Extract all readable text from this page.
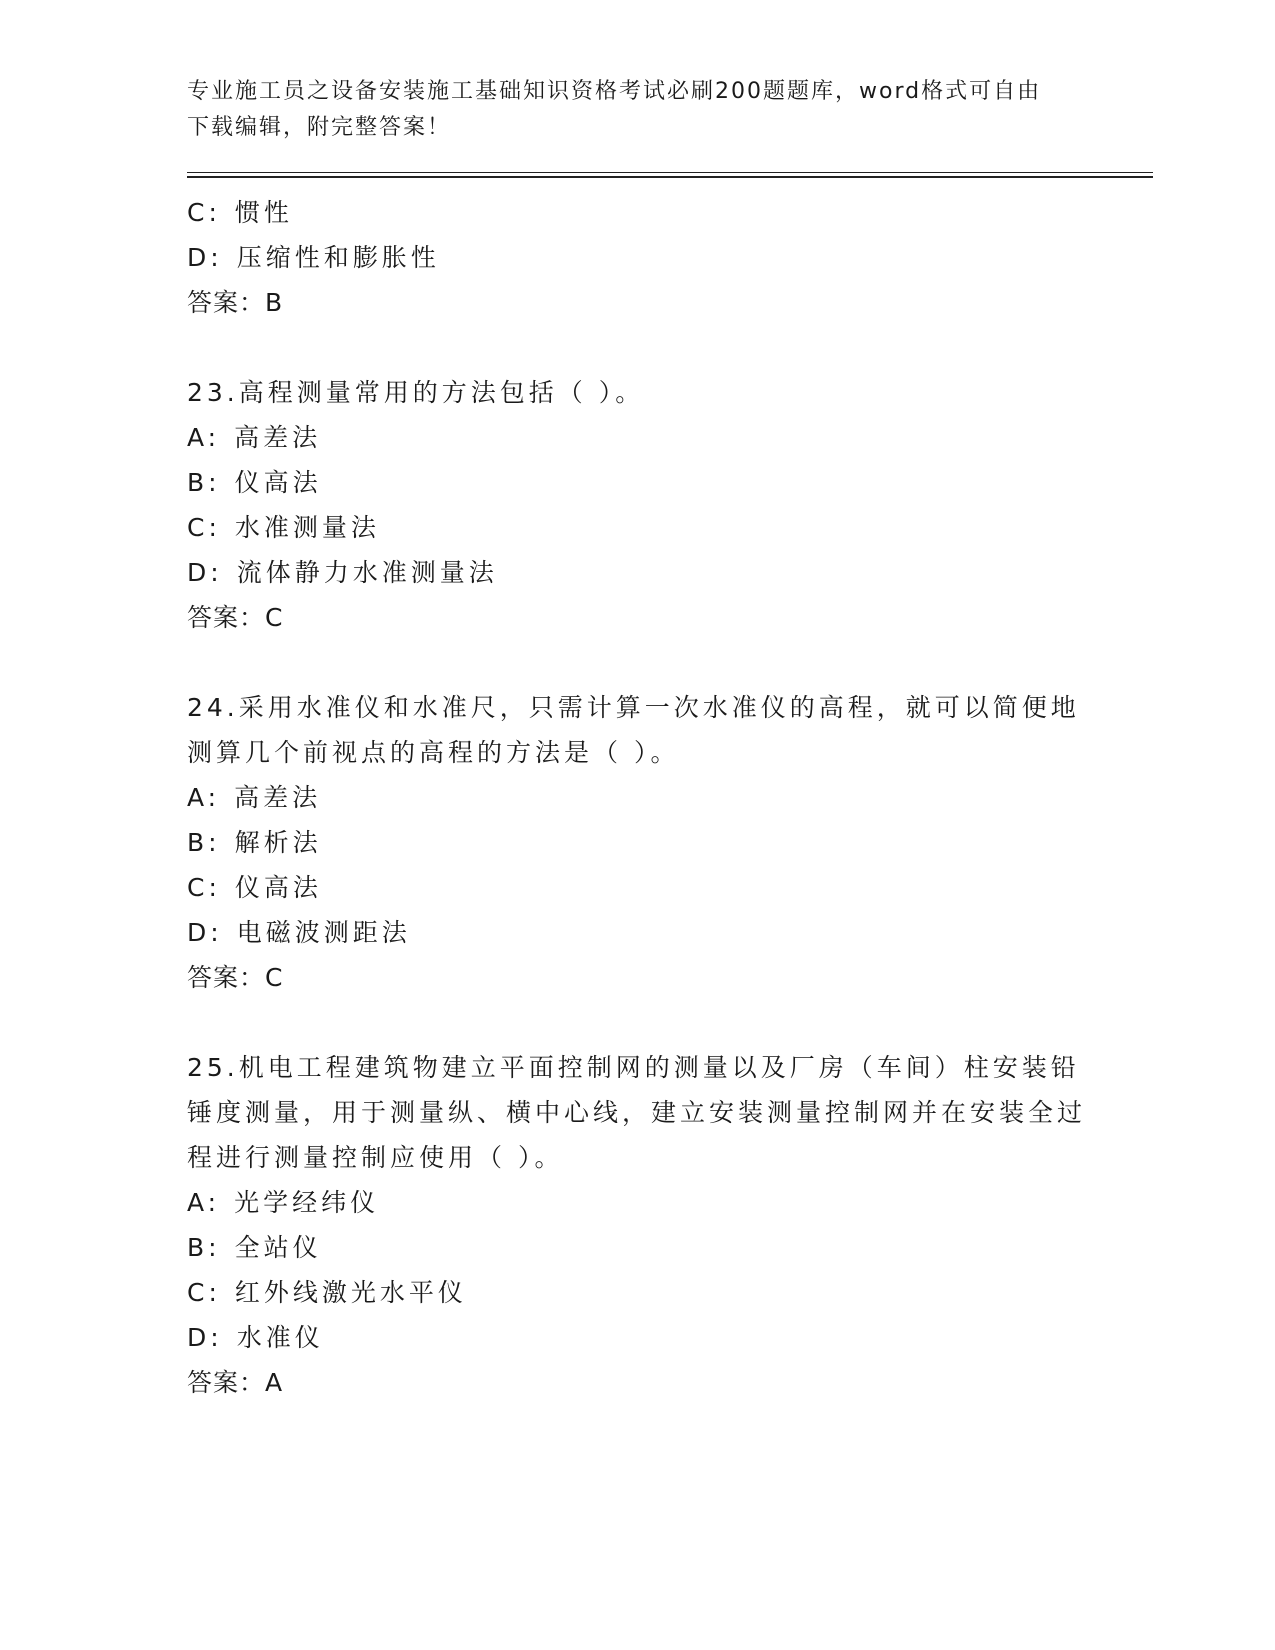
专业施工员之设备安装施工基础知识资格考试必刷200题题库，word格式可自由
下载编辑，附完整答案！
C: 惯性
D: 压缩性和膨胀性
答案：B
23.高程测量常用的方法包括（ ）。
A: 高差法
B: 仪高法
C: 水准测量法
D: 流体静力水准测量法
答案：C
24.采用水准仪和水准尺，只需计算一次水准仪的高程，就可以简便地测算几个前视点的高程的方法是（ ）。
A: 高差法
B: 解析法
C: 仪高法
D: 电磁波测距法
答案：C
25.机电工程建筑物建立平面控制网的测量以及厂房（车间）柱安装铅锤度测量，用于测量纵、横中心线，建立安装测量控制网并在安装全过程进行测量控制应使用（ ）。
A: 光学经纬仪
B: 全站仪
C: 红外线激光水平仪
D: 水准仪
答案：A
